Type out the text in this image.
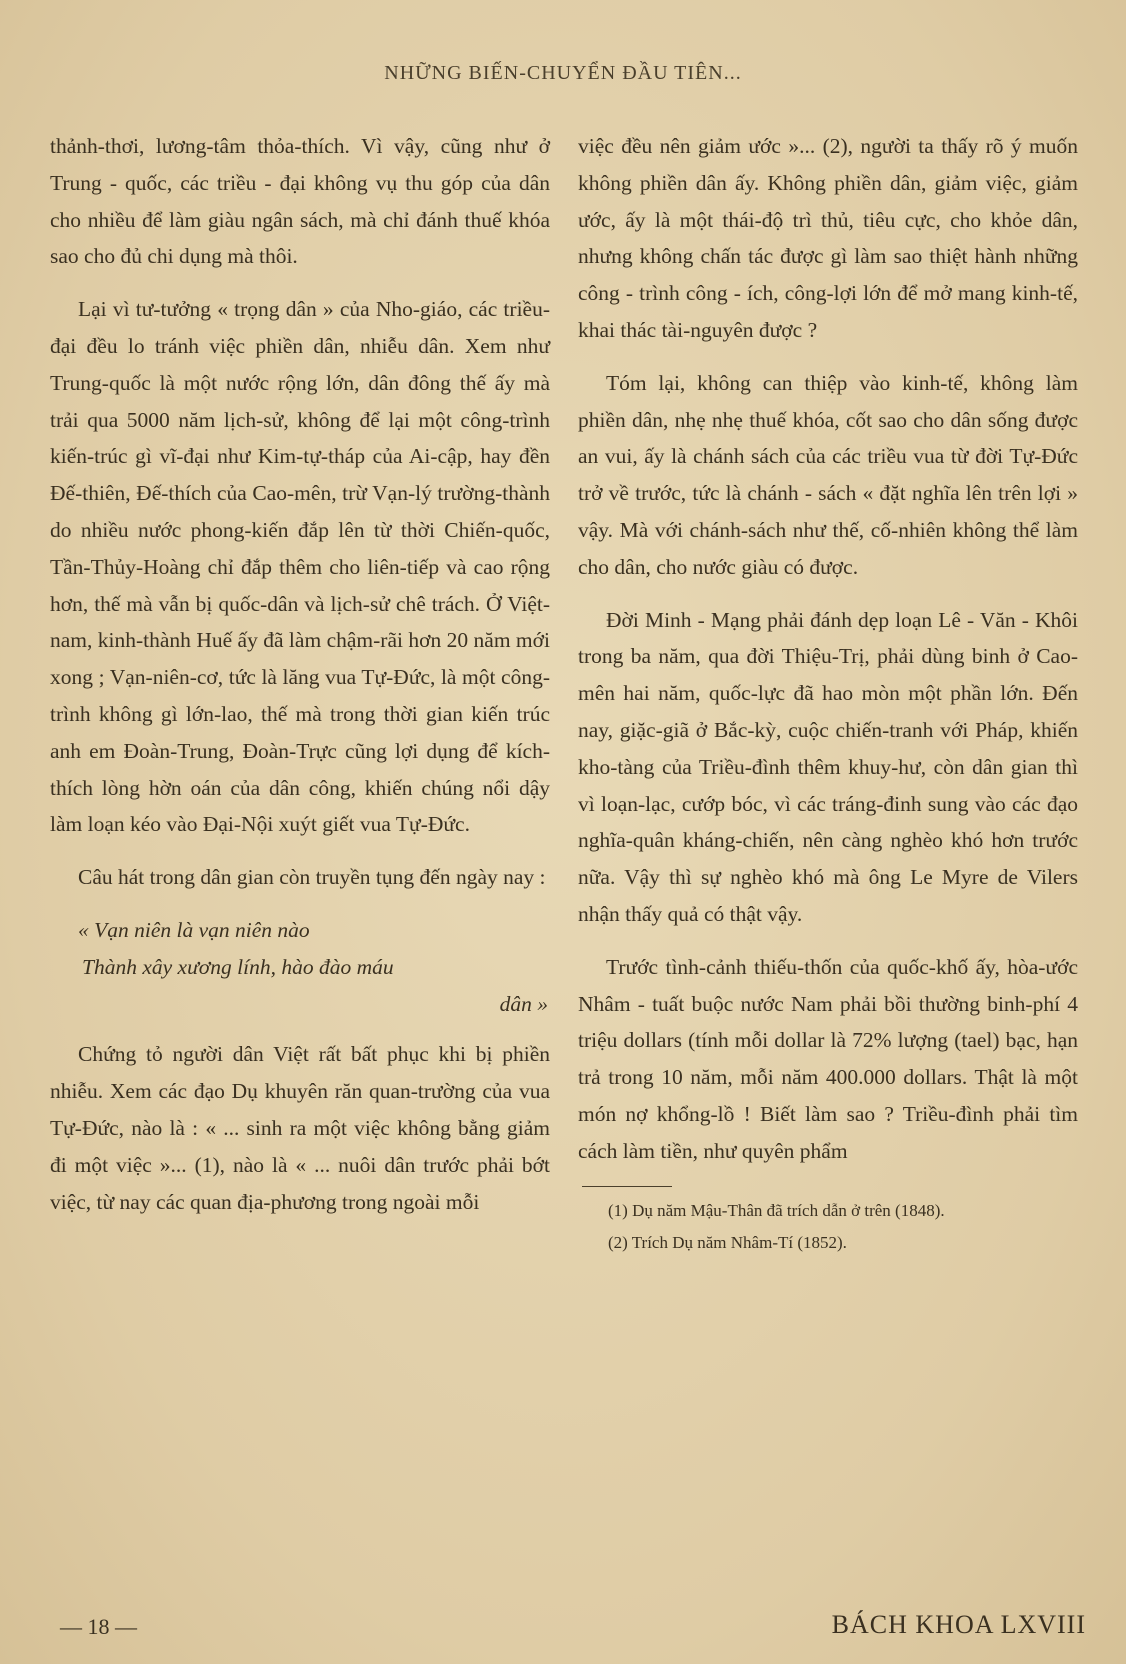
NHỮNG BIẾN-CHUYỂN ĐẦU TIÊN...

thảnh-thơi, lương-tâm thỏa-thích. Vì vậy, cũng như ở Trung - quốc, các triều - đại không vụ thu góp của dân cho nhiều để làm giàu ngân sách, mà chỉ đánh thuế khóa sao cho đủ chi dụng mà thôi.

Lại vì tư-tưởng « trọng dân » của Nho-giáo, các triều-đại đều lo tránh việc phiền dân, nhiễu dân. Xem như Trung-quốc là một nước rộng lớn, dân đông thế ấy mà trải qua 5000 năm lịch-sử, không để lại một công-trình kiến-trúc gì vĩ-đại như Kim-tự-tháp của Ai-cập, hay đền Đế-thiên, Đế-thích của Cao-mên, trừ Vạn-lý trường-thành do nhiều nước phong-kiến đắp lên từ thời Chiến-quốc, Tần-Thủy-Hoàng chỉ đắp thêm cho liên-tiếp và cao rộng hơn, thế mà vẫn bị quốc-dân và lịch-sử chê trách. Ở Việt-nam, kinh-thành Huế ấy đã làm chậm-rãi hơn 20 năm mới xong ; Vạn-niên-cơ, tức là lăng vua Tự-Đức, là một công-trình không gì lớn-lao, thế mà trong thời gian kiến trúc anh em Đoàn-Trung, Đoàn-Trực cũng lợi dụng để kích-thích lòng hờn oán của dân công, khiến chúng nổi dậy làm loạn kéo vào Đại-Nội xuýt giết vua Tự-Đức.

Câu hát trong dân gian còn truyền tụng đến ngày nay :

« Vạn niên là vạn niên nào
Thành xây xương lính, hào đào máu
dân »

Chứng tỏ người dân Việt rất bất phục khi bị phiền nhiễu. Xem các đạo Dụ khuyên răn quan-trường của vua Tự-Đức, nào là : « ... sinh ra một việc không bằng giảm đi một việc »... (1), nào là « ... nuôi dân trước phải bớt việc, từ nay các quan địa-phương trong ngoài mỗi

việc đều nên giảm ước »... (2), người ta thấy rõ ý muốn không phiền dân ấy. Không phiền dân, giảm việc, giảm ước, ấy là một thái-độ trì thủ, tiêu cực, cho khỏe dân, nhưng không chấn tác được gì làm sao thiệt hành những công - trình công - ích, công-lợi lớn để mở mang kinh-tế, khai thác tài-nguyên được ?

Tóm lại, không can thiệp vào kinh-tế, không làm phiền dân, nhẹ nhẹ thuế khóa, cốt sao cho dân sống được an vui, ấy là chánh sách của các triều vua từ đời Tự-Đức trở về trước, tức là chánh - sách « đặt nghĩa lên trên lợi » vậy. Mà với chánh-sách như thế, cố-nhiên không thể làm cho dân, cho nước giàu có được.

Đời Minh - Mạng phải đánh dẹp loạn Lê - Văn - Khôi trong ba năm, qua đời Thiệu-Trị, phải dùng binh ở Cao-mên hai năm, quốc-lực đã hao mòn một phần lớn. Đến nay, giặc-giã ở Bắc-kỳ, cuộc chiến-tranh với Pháp, khiến kho-tàng của Triều-đình thêm khuy-hư, còn dân gian thì vì loạn-lạc, cướp bóc, vì các tráng-đinh sung vào các đạo nghĩa-quân kháng-chiến, nên càng nghèo khó hơn trước nữa. Vậy thì sự nghèo khó mà ông Le Myre de Vilers nhận thấy quả có thật vậy.

Trước tình-cảnh thiếu-thốn của quốc-khố ấy, hòa-ước Nhâm - tuất buộc nước Nam phải bồi thường binh-phí 4 triệu dollars (tính mỗi dollar là 72% lượng (tael) bạc, hạn trả trong 10 năm, mỗi năm 400.000 dollars. Thật là một món nợ khổng-lồ ! Biết làm sao ? Triều-đình phải tìm cách làm tiền, như quyên phẩm

(1) Dụ năm Mậu-Thân đã trích dẫn ở trên (1848).
(2) Trích Dụ năm Nhâm-Tí (1852).
— 18 —	BÁCH KHOA LXVIII
